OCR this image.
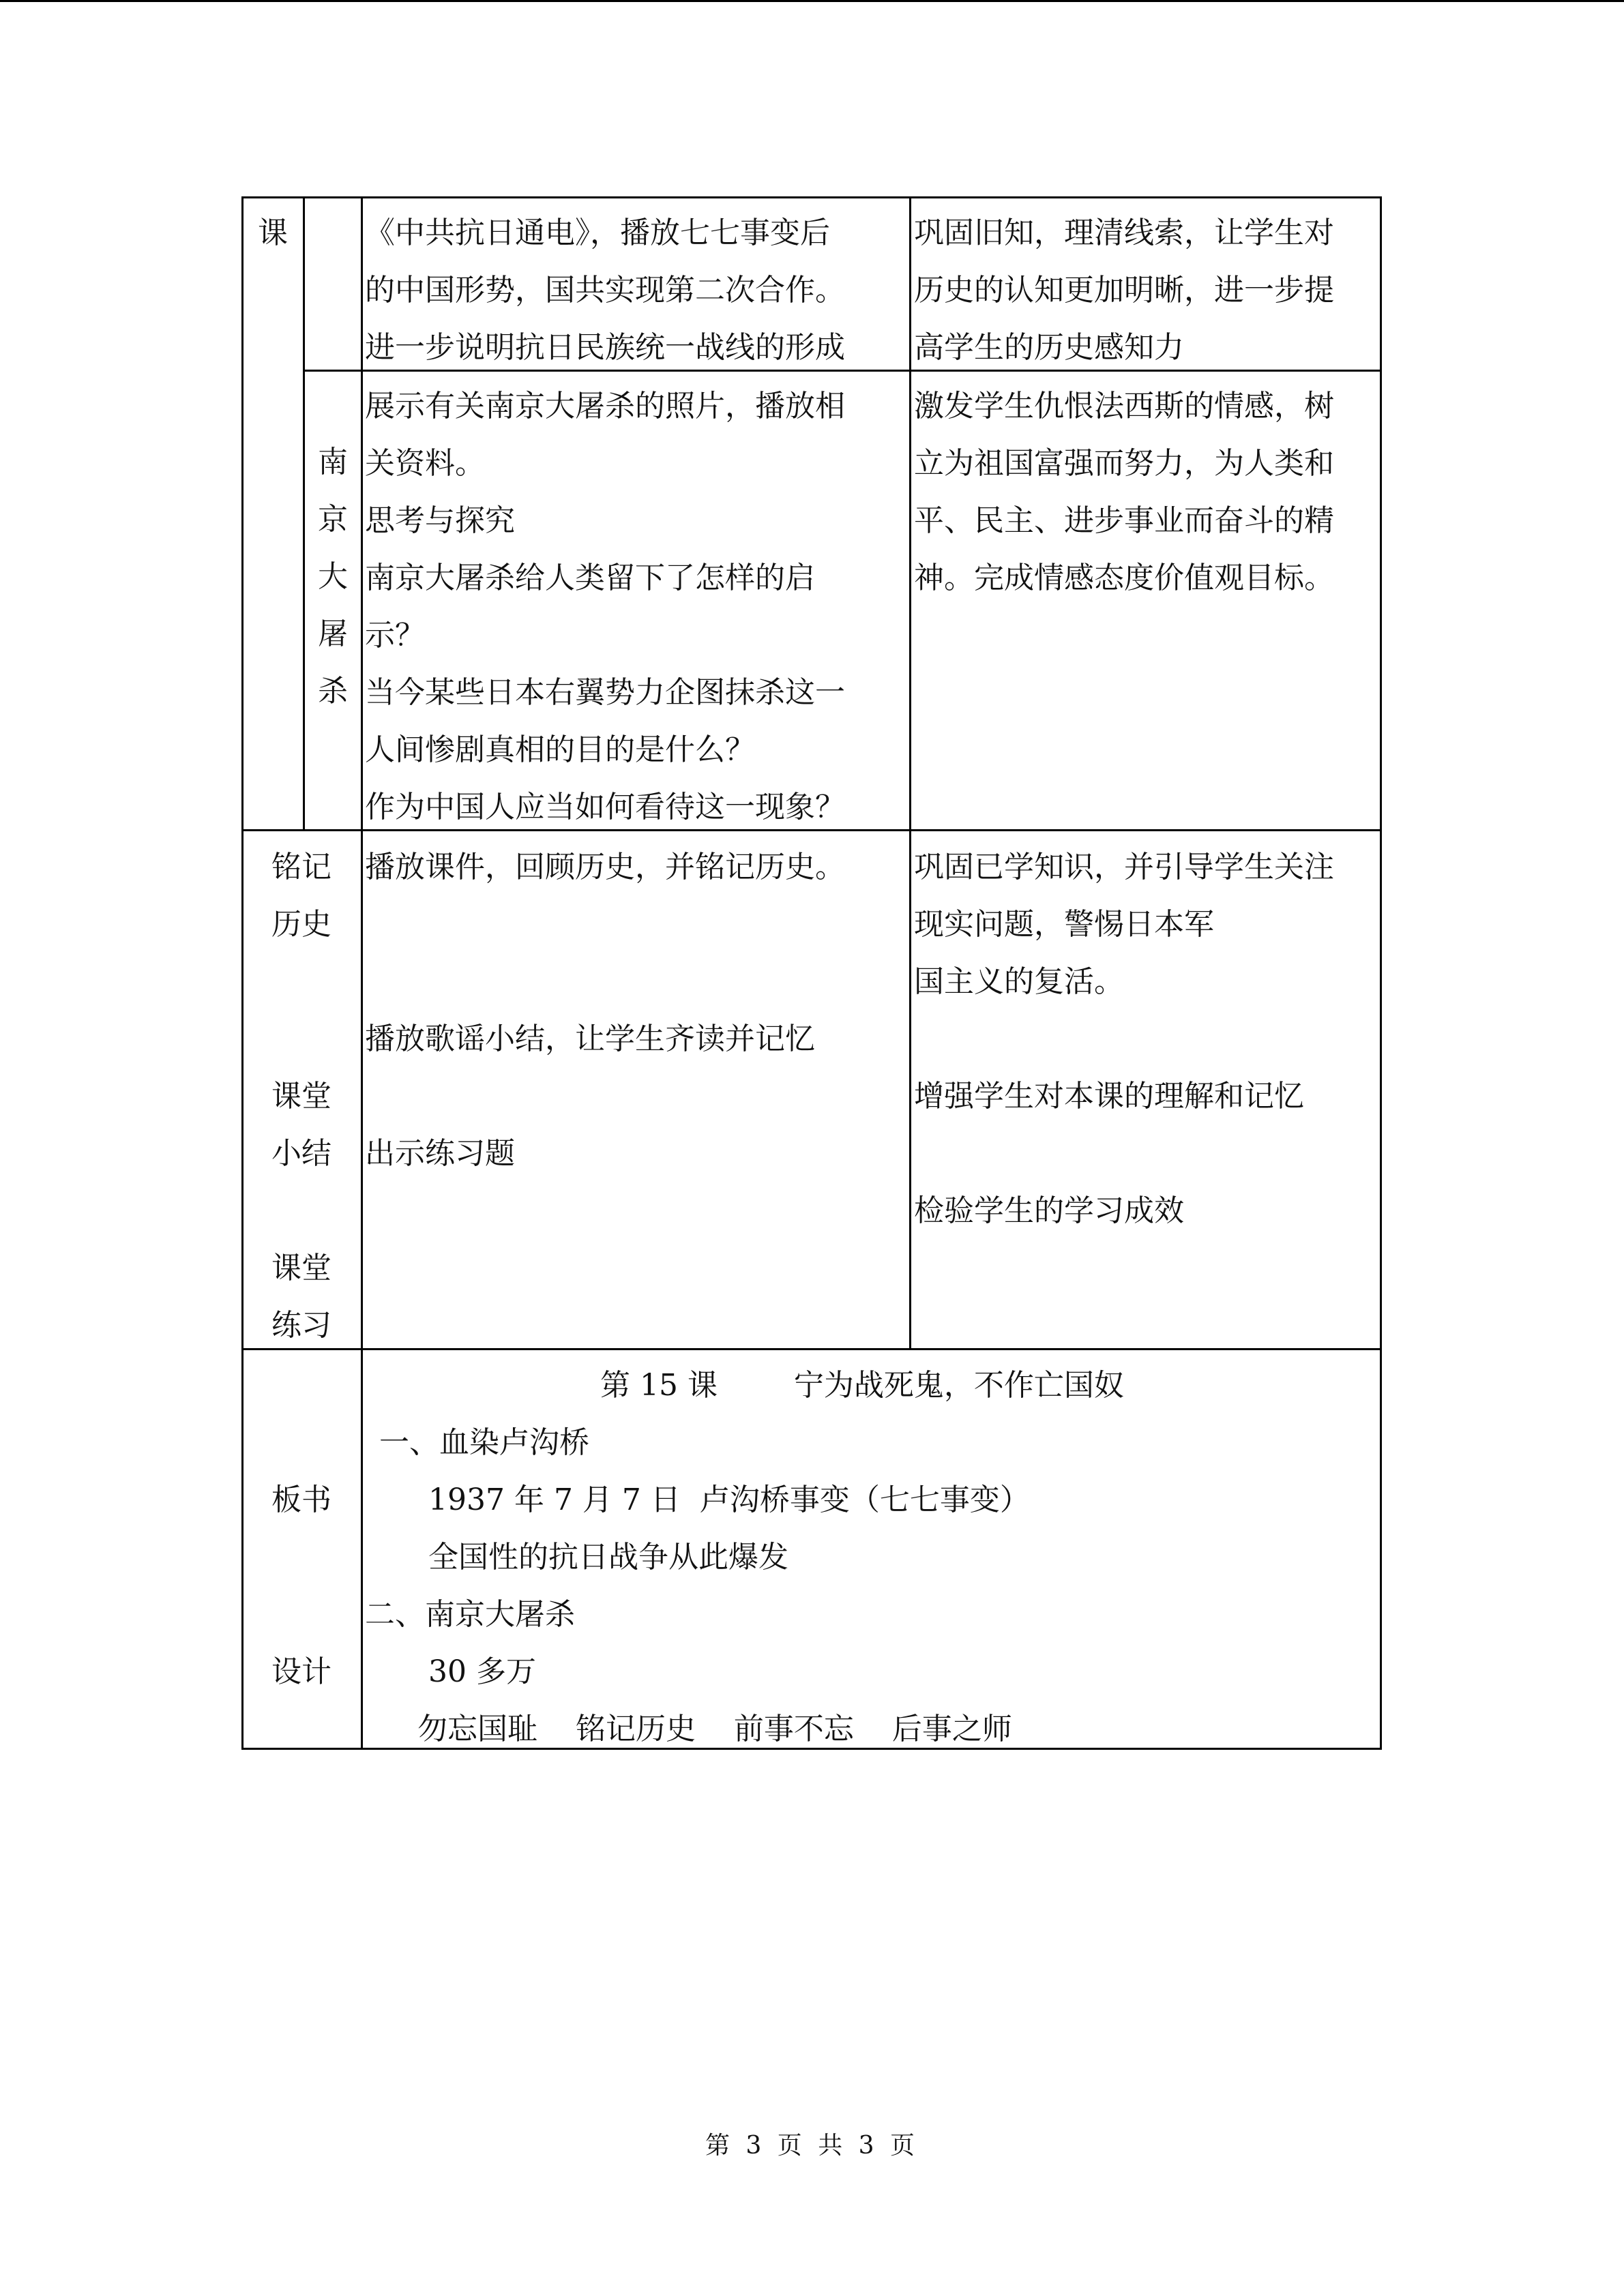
课	《中共抗日通电》，播放七七事变后
的中国形势，国共实现第二次合作。
进一步说明抗日民族统一战线的形成
巩固旧知，理清线索，让学生对
历史的认知更加明晰，进一步提
高学生的历史感知力
南
京
大
屠
杀
展示有关南京大屠杀的照片，播放相
关资料。
思考与探究
南京大屠杀给人类留下了怎样的启
示？
当今某些日本右翼势力企图抹杀这一
人间惨剧真相的目的是什么？
作为中国人应当如何看待这一现象？
激发学生仇恨法西斯的情感，树
立为祖国富强而努力，为人类和
平、民主、进步事业而奋斗的精
神。完成情感态度价值观目标。
铭记
历史
课堂
小结
课堂
练习
播放课件，回顾历史，并铭记历史。
播放歌谣小结，让学生齐读并记忆
出示练习题
巩固已学知识，并引导学生关注
现实问题，警惕日本军
国主义的复活。
增强学生对本课的理解和记忆
检验学生的学习成效
板书
设计
第 15 课        宁为战死鬼，不作亡国奴
一、血染卢沟桥
1937 年 7 月 7 日  卢沟桥事变（七七事变）
全国性的抗日战争从此爆发
二、南京大屠杀
30 多万
勿忘国耻    铭记历史    前事不忘    后事之师
第 3 页 共 3 页
